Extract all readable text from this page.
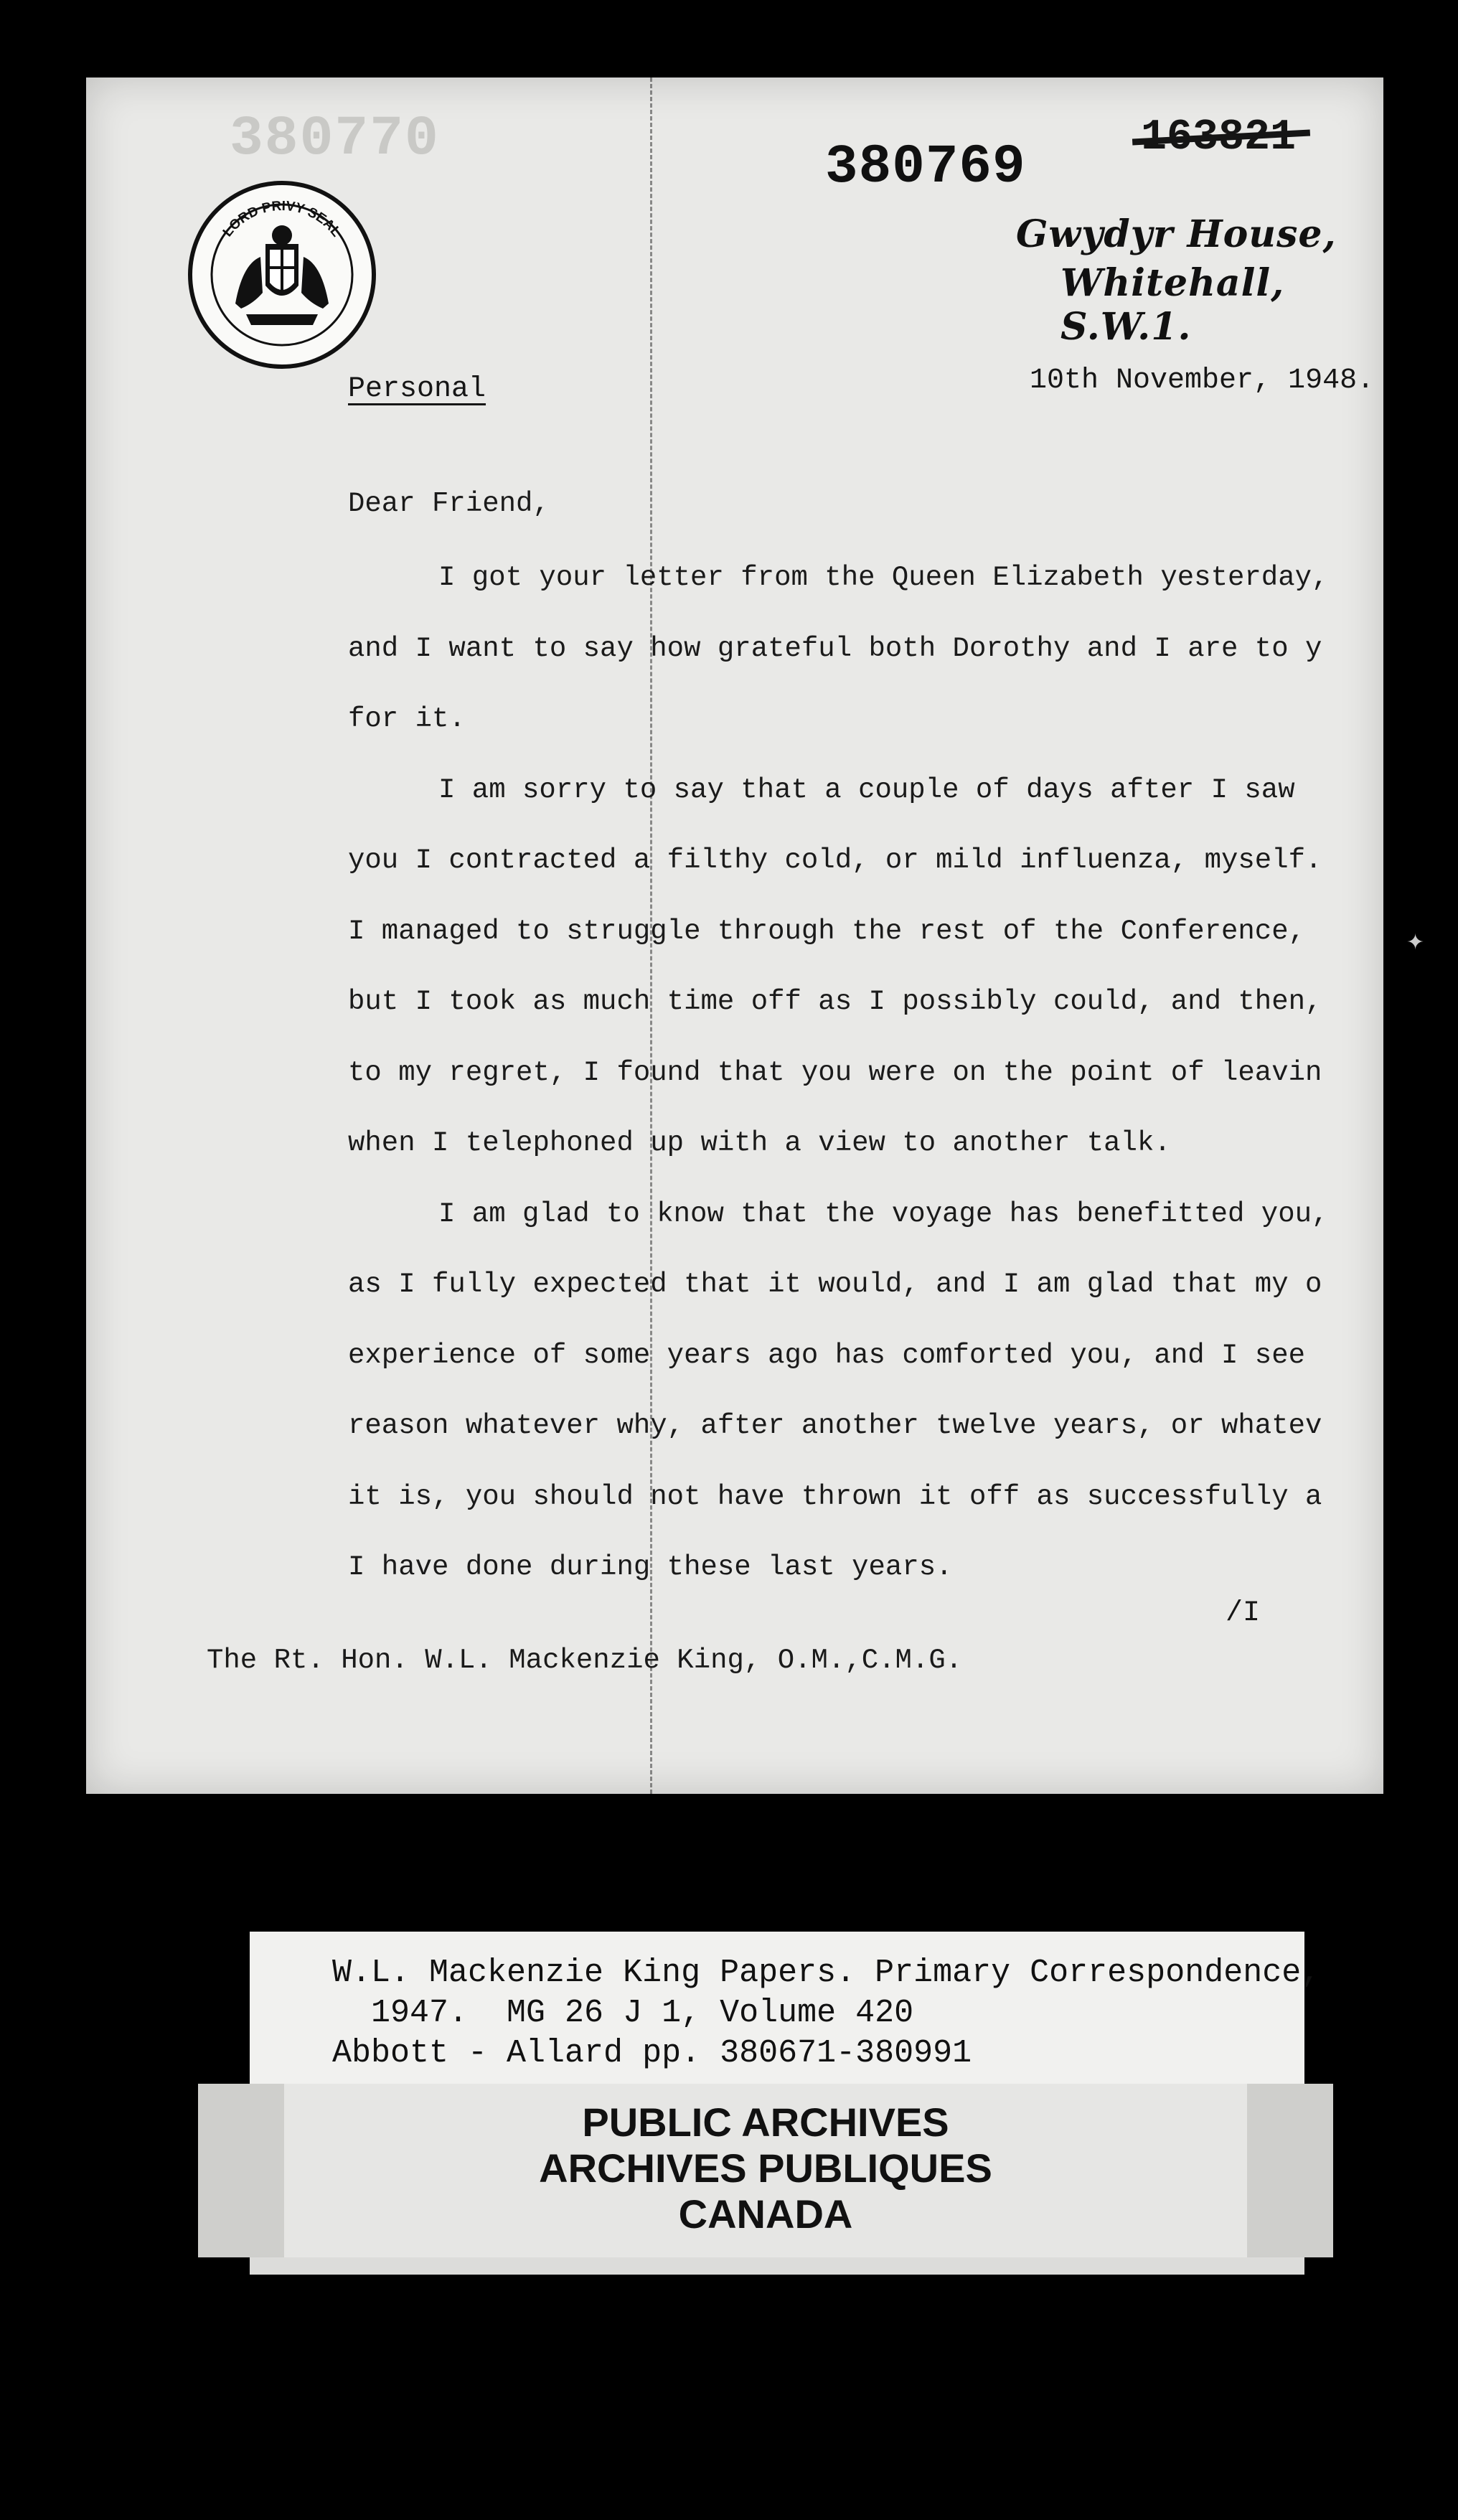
380770	380769	163821
LORD PRIVY SEAL	Gwydyr House,
Whitehall, S.W.1.
Personal	10th November, 1948.
Dear Friend,
I got your letter from the Queen Elizabeth yesterday,
and I want to say how grateful both Dorothy and I are to y
for it.
I am sorry to say that a couple of days after I saw
you I contracted a filthy cold, or mild influenza, myself.
I managed to struggle through the rest of the Conference,
but I took as much time off as I possibly could, and then,
to my regret, I found that you were on the point of leavin
when I telephoned up with a view to another talk.
I am glad to know that the voyage has benefitted you,
as I fully expected that it would, and I am glad that my o
experience of some years ago has comforted you, and I see
reason whatever why, after another twelve years, or whatev
it is, you should not have thrown it off as successfully a
I have done during these last years.
/I
The Rt. Hon. W.L. Mackenzie King, O.M.,C.M.G.
✦
W.L. Mackenzie King Papers. Primary Correspondence,
1947.  MG 26 J 1, Volume 420
Abbott - Allard pp. 380671-380991
PUBLIC ARCHIVES
ARCHIVES PUBLIQUES
CANADA
